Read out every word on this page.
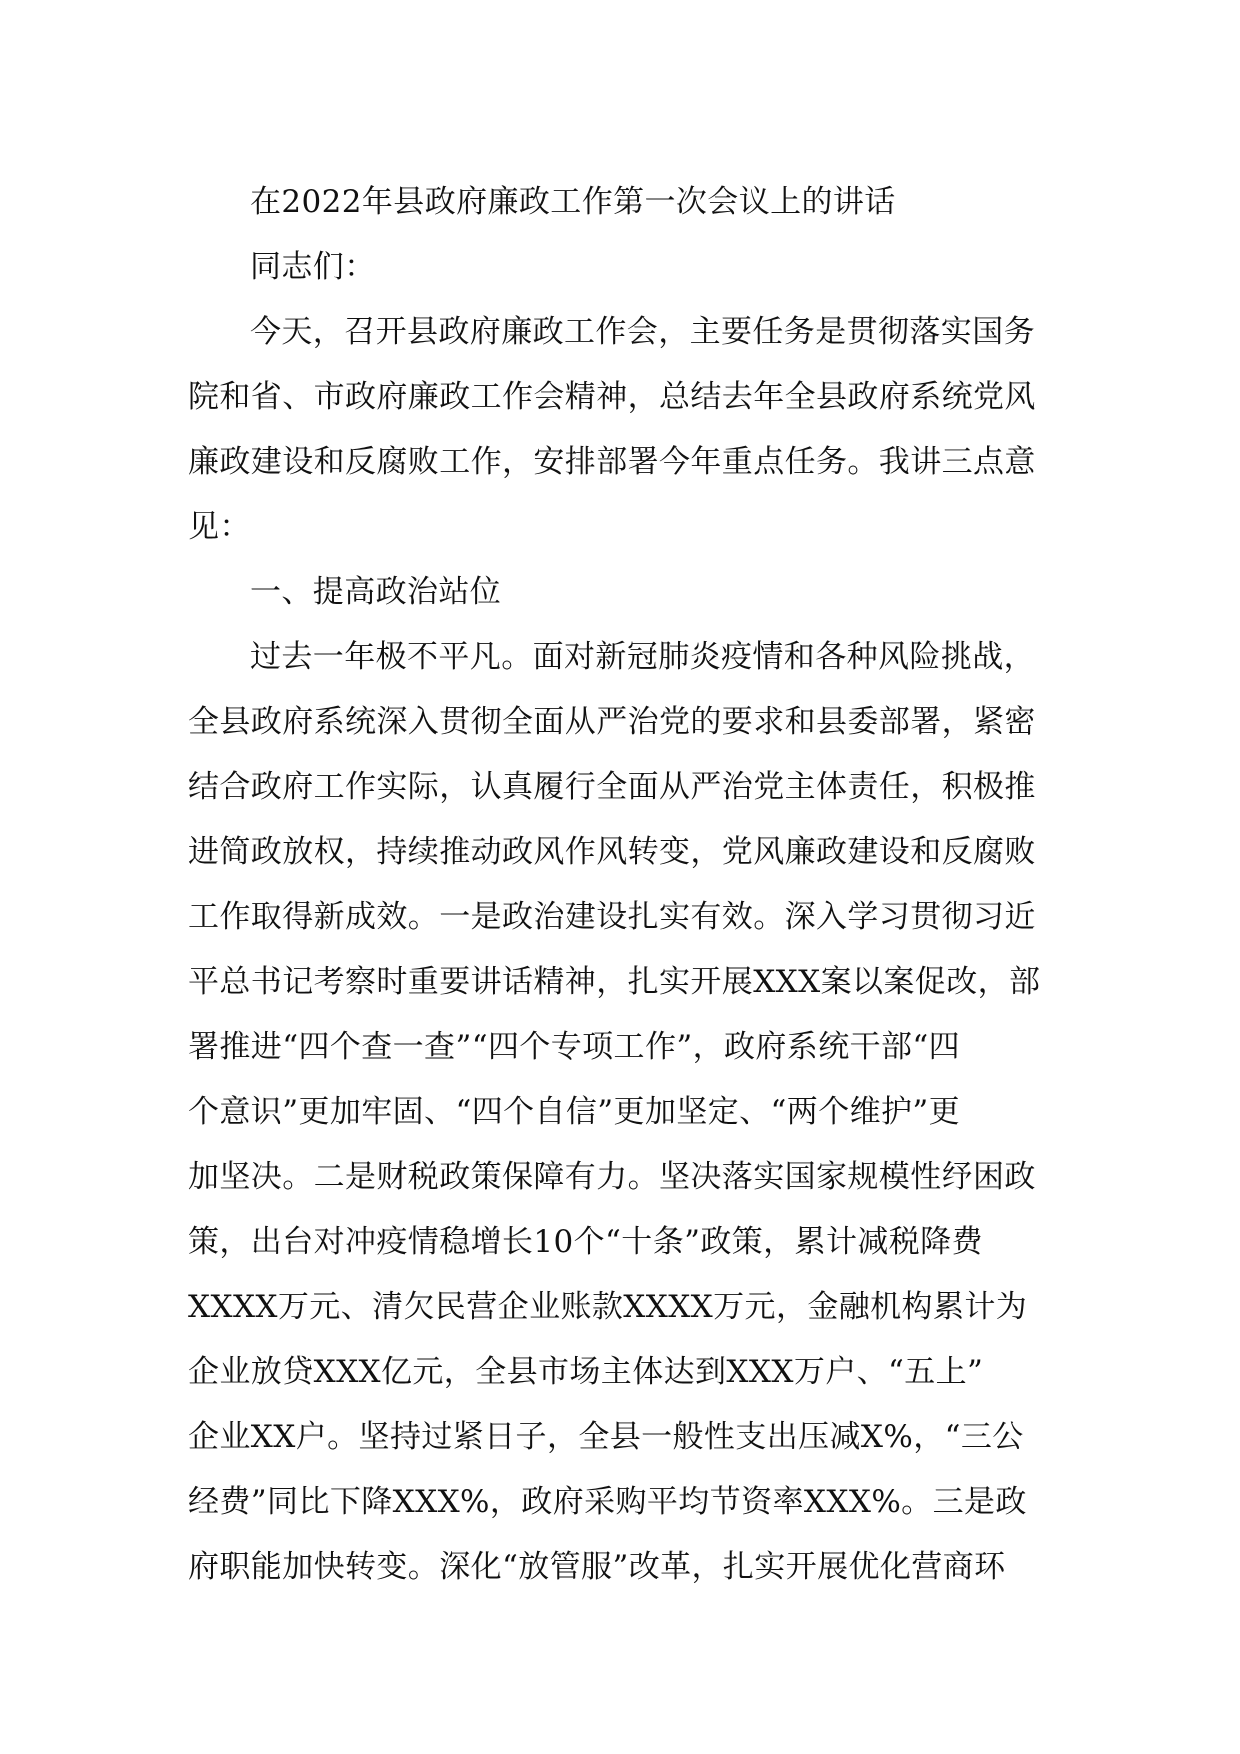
在2022年县政府廉政工作第一次会议上的讲话
同志们：
今天，召开县政府廉政工作会，主要任务是贯彻落实国务
院和省、市政府廉政工作会精神，总结去年全县政府系统党风
廉政建设和反腐败工作，安排部署今年重点任务。我讲三点意
见：
一、提高政治站位
过去一年极不平凡。面对新冠肺炎疫情和各种风险挑战，
全县政府系统深入贯彻全面从严治党的要求和县委部署，紧密
结合政府工作实际，认真履行全面从严治党主体责任，积极推
进简政放权，持续推动政风作风转变，党风廉政建设和反腐败
工作取得新成效。一是政治建设扎实有效。深入学习贯彻习近
平总书记考察时重要讲话精神，扎实开展XXX案以案促改，部
署推进“四个查一查”“四个专项工作”，政府系统干部“四
个意识”更加牢固、“四个自信”更加坚定、“两个维护”更
加坚决。二是财税政策保障有力。坚决落实国家规模性纾困政
策，出台对冲疫情稳增长10个“十条”政策，累计减税降费
XXXX万元、清欠民营企业账款XXXX万元，金融机构累计为
企业放贷XXX亿元，全县市场主体达到XXX万户、“五上”
企业XX户。坚持过紧日子，全县一般性支出压减X%，“三公
经费”同比下降XXX%，政府采购平均节资率XXX%。三是政
府职能加快转变。深化“放管服”改革，扎实开展优化营商环
